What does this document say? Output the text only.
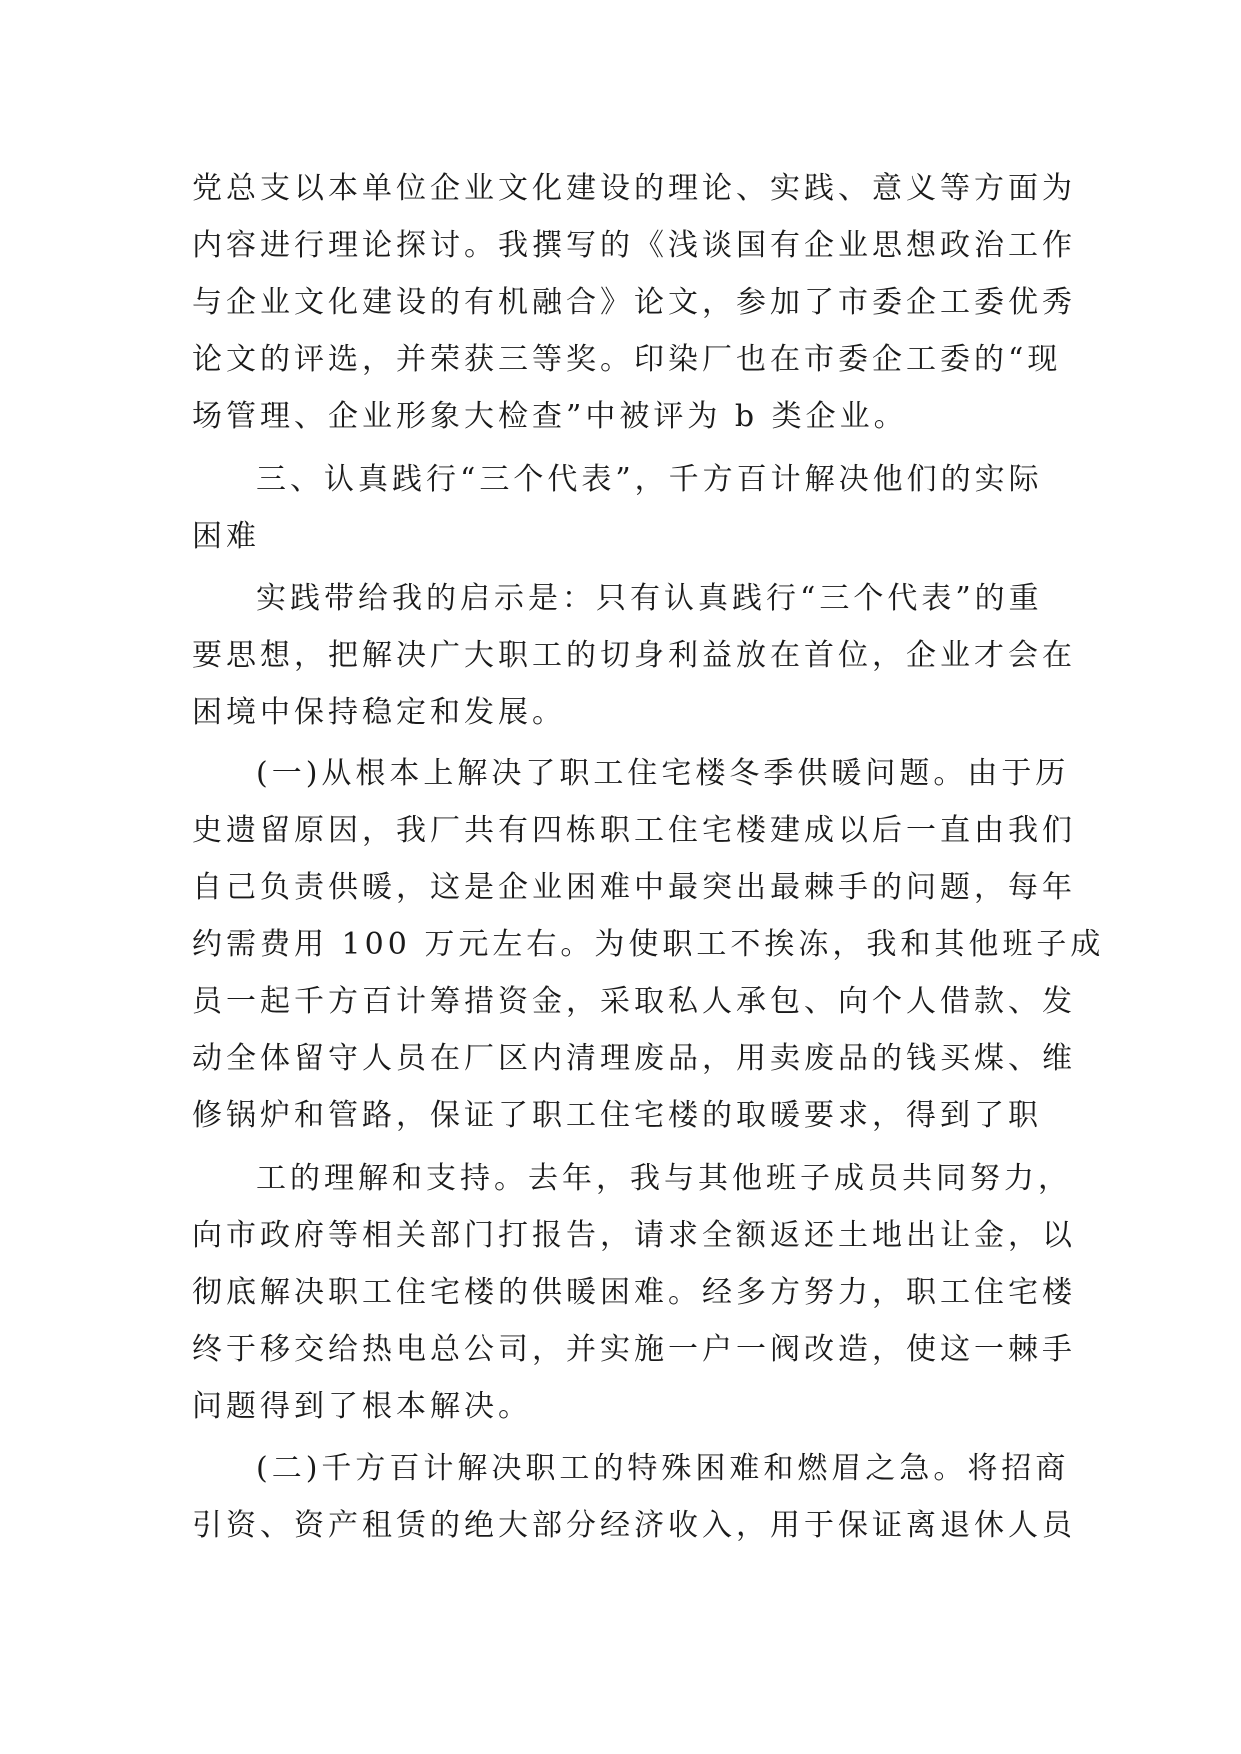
党总支以本单位企业文化建设的理论、实践、意义等方面为
内容进行理论探讨。我撰写的《浅谈国有企业思想政治工作
与企业文化建设的有机融合》论文，参加了市委企工委优秀
论文的评选，并荣获三等奖。印染厂也在市委企工委的“现
场管理、企业形象大检查”中被评为 b 类企业。
三、认真践行“三个代表”，千方百计解决他们的实际
困难
实践带给我的启示是：只有认真践行“三个代表”的重
要思想，把解决广大职工的切身利益放在首位，企业才会在
困境中保持稳定和发展。
(一)从根本上解决了职工住宅楼冬季供暖问题。由于历
史遗留原因，我厂共有四栋职工住宅楼建成以后一直由我们
自己负责供暖，这是企业困难中最突出最棘手的问题，每年
约需费用 100 万元左右。为使职工不挨冻，我和其他班子成
员一起千方百计筹措资金，采取私人承包、向个人借款、发
动全体留守人员在厂区内清理废品，用卖废品的钱买煤、维
修锅炉和管路，保证了职工住宅楼的取暖要求，得到了职
工的理解和支持。去年，我与其他班子成员共同努力，
向市政府等相关部门打报告，请求全额返还土地出让金，以
彻底解决职工住宅楼的供暖困难。经多方努力，职工住宅楼
终于移交给热电总公司，并实施一户一阀改造，使这一棘手
问题得到了根本解决。
(二)千方百计解决职工的特殊困难和燃眉之急。将招商
引资、资产租赁的绝大部分经济收入，用于保证离退休人员
